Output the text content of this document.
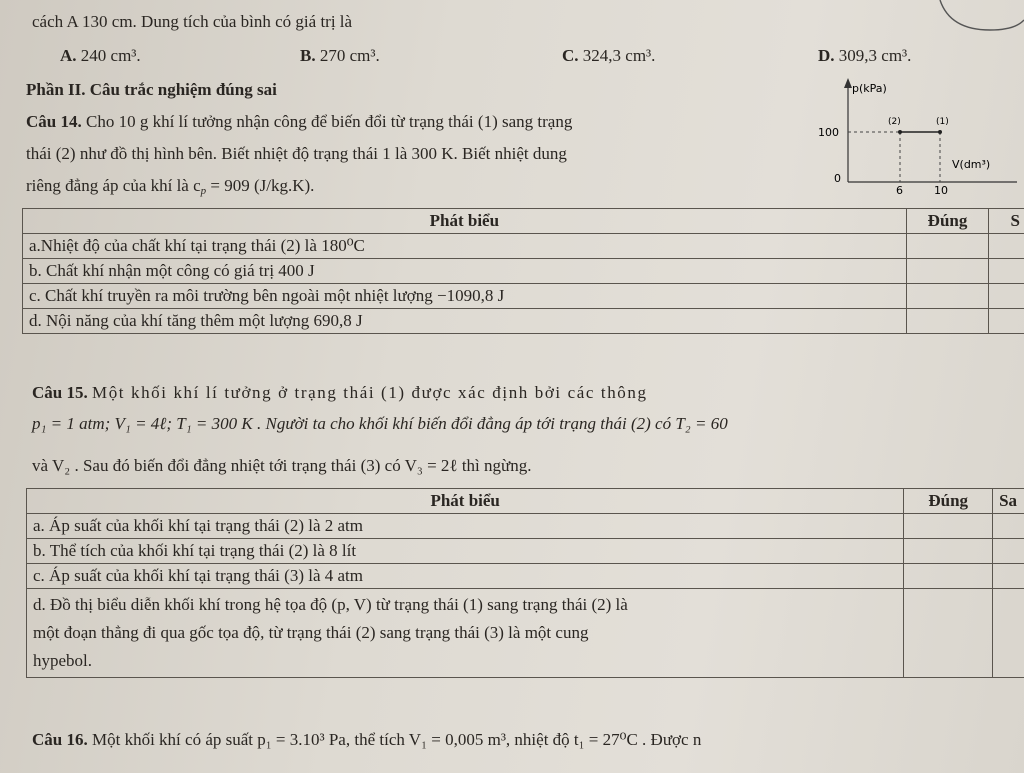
cách A 130 cm. Dung tích của bình có giá trị là
A. 240 cm³.	B. 270 cm³.	C. 324,3 cm³.	D. 309,3 cm³.
Phần II. Câu trắc nghiệm đúng sai
Câu 14. Cho 10 g khí lí tưởng nhận công để biến đổi từ trạng thái (1) sang trạng
thái (2) như đồ thị hình bên. Biết nhiệt độ trạng thái 1 là 300 K. Biết nhiệt dung
riêng đẳng áp của khí là $c_p = 909$ (J/kg.K).
p(kPa)
100
0
6	10
(2)	(1)
V(dm³)
Phát biểu	Đúng	S
a.Nhiệt độ của chất khí tại trạng thái (2) là 180⁰C		
b. Chất khí nhận một công có giá trị 400 J		
c. Chất khí truyền ra môi trường bên ngoài một nhiệt lượng −1090,8 J		
d. Nội năng của khí tăng thêm một lượng 690,8 J		
Câu 15. Một khối khí lí tưởng ở trạng thái (1) được xác định bởi các thông
p₁ = 1 atm; V₁ = 4ℓ; T₁ = 300 K . Người ta cho khối khí biến đổi đẳng áp tới trạng thái (2) có T₂ = 60
và V₂ . Sau đó biến đổi đẳng nhiệt tới trạng thái (3) có V₃ = 2ℓ thì ngừng.
Phát biểu	Đúng	Sa
a. Áp suất của khối khí tại trạng thái (2) là 2 atm		
b. Thể tích của khối khí tại trạng thái (2) là 8 lít		
c. Áp suất của khối khí tại trạng thái (3) là 4 atm		

d. Đồ thị biểu diễn khối khí trong hệ tọa độ (p, V) từ trạng thái (1) sang trạng thái (2) là
một đoạn thẳng đi qua gốc tọa độ, từ trạng thái (2) sang trạng thái (3) là một cung
hypebol.		

Câu 16. Một khối khí có áp suất p₁ = 3.10³ Pa, thể tích V₁ = 0,005 m³, nhiệt độ t₁ = 27⁰C . Được n
